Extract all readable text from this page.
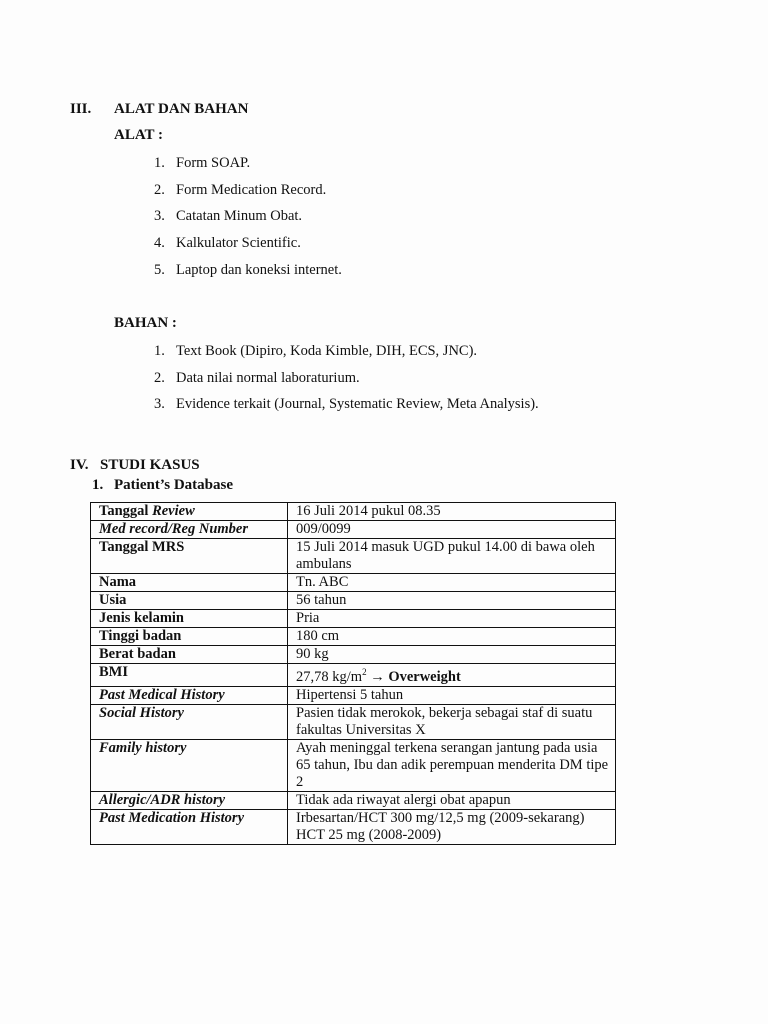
III. ALAT DAN BAHAN
ALAT :
1. Form SOAP.
2. Form Medication Record.
3. Catatan Minum Obat.
4. Kalkulator Scientific.
5. Laptop dan koneksi internet.
BAHAN :
1. Text Book (Dipiro, Koda Kimble, DIH, ECS, JNC).
2. Data nilai normal laboraturium.
3. Evidence terkait (Journal, Systematic Review, Meta Analysis).
IV. STUDI KASUS
1. Patient’s Database
Tanggal Review	16 Juli 2014 pukul 08.35
Med record/Reg Number	009/0099
Tanggal MRS	15 Juli 2014 masuk UGD pukul 14.00 di bawa oleh ambulans
Nama	Tn. ABC
Usia	56 tahun
Jenis kelamin	Pria
Tinggi badan	180 cm
Berat badan	90 kg
BMI	27,78 $kg/m^2$ → Overweight
Past Medical History	Hipertensi 5 tahun
Social History	Pasien tidak merokok, bekerja sebagai staf di suatu fakultas Universitas X
Family history	Ayah meninggal terkena serangan jantung pada usia 65 tahun, Ibu dan adik perempuan menderita DM tipe 2
Allergic/ADR history	Tidak ada riwayat alergi obat apapun
Past Medication History	Irbesartan/HCT 300 mg/12,5 mg (2009-sekarang)
HCT 25 mg (2008-2009)
